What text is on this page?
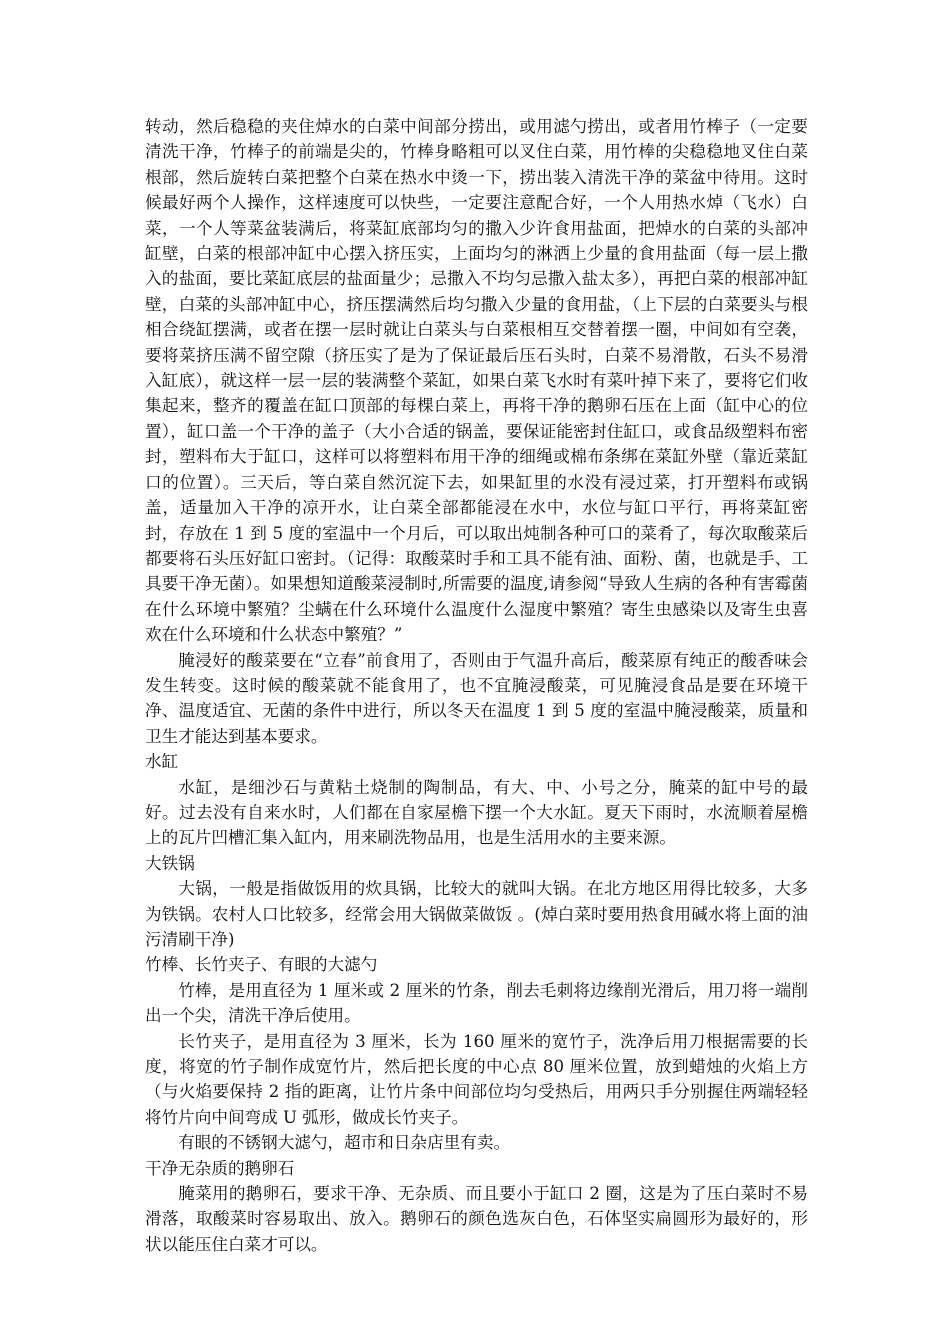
转动，然后稳稳的夹住焯水的白菜中间部分捞出，或用滤勺捞出，或者用竹棒子（一定要清洗干净，竹棒子的前端是尖的，竹棒身略粗可以叉住白菜，用竹棒的尖稳稳地叉住白菜根部，然后旋转白菜把整个白菜在热水中烫一下，捞出装入清洗干净的菜盆中待用。这时候最好两个人操作，这样速度可以快些，一定要注意配合好，一个人用热水焯（飞水）白菜，一个人等菜盆装满后，将菜缸底部均匀的撒入少许食用盐面，把焯水的白菜的头部冲缸壁，白菜的根部冲缸中心摆入挤压实，上面均匀的淋洒上少量的食用盐面（每一层上撒入的盐面，要比菜缸底层的盐面量少；忌撒入不均匀忌撒入盐太多），再把白菜的根部冲缸壁，白菜的头部冲缸中心，挤压摆满然后均匀撒入少量的食用盐，（上下层的白菜要头与根相合绕缸摆满，或者在摆一层时就让白菜头与白菜根相互交替着摆一圈，中间如有空袭，要将菜挤压满不留空隙（挤压实了是为了保证最后压石头时，白菜不易滑散，石头不易滑入缸底），就这样一层一层的装满整个菜缸，如果白菜飞水时有菜叶掉下来了，要将它们收集起来，整齐的覆盖在缸口顶部的每棵白菜上，再将干净的鹅卵石压在上面（缸中心的位置），缸口盖一个干净的盖子（大小合适的锅盖，要保证能密封住缸口，或食品级塑料布密封，塑料布大于缸口，这样可以将塑料布用干净的细绳或棉布条绑在菜缸外壁（靠近菜缸口的位置）。三天后，等白菜自然沉淀下去，如果缸里的水没有浸过菜，打开塑料布或锅盖，适量加入干净的凉开水，让白菜全部都能浸在水中，水位与缸口平行，再将菜缸密封，存放在 1 到 5 度的室温中一个月后，可以取出炖制各种可口的菜肴了，每次取酸菜后都要将石头压好缸口密封。（记得：取酸菜时手和工具不能有油、面粉、菌，也就是手、工具要干净无菌）。如果想知道酸菜浸制时,所需要的温度,请参阅“导致人生病的各种有害霉菌在什么环境中繁殖？尘螨在什么环境什么温度什么湿度中繁殖？寄生虫感染以及寄生虫喜欢在什么环境和什么状态中繁殖？”

腌浸好的酸菜要在“立春”前食用了，否则由于气温升高后，酸菜原有纯正的酸香味会发生转变。这时候的酸菜就不能食用了，也不宜腌浸酸菜，可见腌浸食品是要在环境干净、温度适宜、无菌的条件中进行，所以冬天在温度 1 到 5 度的室温中腌浸酸菜，质量和卫生才能达到基本要求。

水缸

水缸，是细沙石与黄粘土烧制的陶制品，有大、中、小号之分，腌菜的缸中号的最好。过去没有自来水时，人们都在自家屋檐下摆一个大水缸。夏天下雨时，水流顺着屋檐上的瓦片凹槽汇集入缸内，用来刷洗物品用，也是生活用水的主要来源。

大铁锅

大锅，一般是指做饭用的炊具锅，比较大的就叫大锅。在北方地区用得比较多，大多为铁锅。农村人口比较多，经常会用大锅做菜做饭 。(焯白菜时要用热食用碱水将上面的油污清刷干净)

竹棒、长竹夹子、有眼的大滤勺

竹棒，是用直径为 1 厘米或 2 厘米的竹条，削去毛刺将边缘削光滑后，用刀将一端削出一个尖，清洗干净后使用。

长竹夹子，是用直径为 3 厘米，长为 160 厘米的宽竹子，洗净后用刀根据需要的长度，将宽的竹子制作成宽竹片，然后把长度的中心点 80 厘米位置，放到蜡烛的火焰上方（与火焰要保持 2 指的距离，让竹片条中间部位均匀受热后，用两只手分别握住两端轻轻将竹片向中间弯成 U 弧形，做成长竹夹子。

有眼的不锈钢大滤勺，超市和日杂店里有卖。

干净无杂质的鹅卵石

腌菜用的鹅卵石，要求干净、无杂质、而且要小于缸口 2 圈，这是为了压白菜时不易滑落，取酸菜时容易取出、放入。鹅卵石的颜色选灰白色，石体坚实扁圆形为最好的，形状以能压住白菜才可以。
